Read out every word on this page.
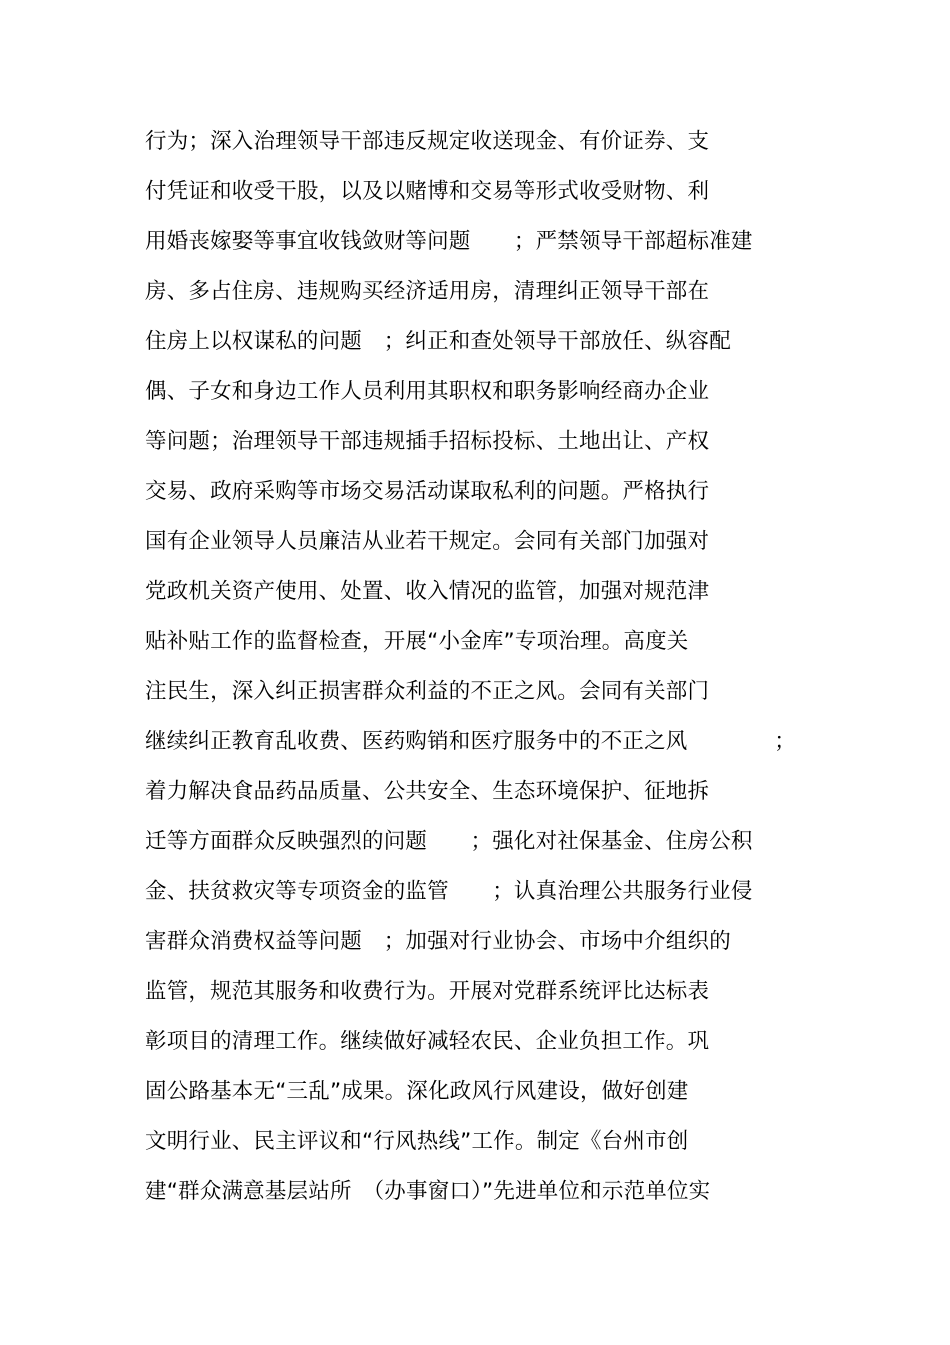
行为；深入治理领导干部违反规定收送现金、有价证券、支
付凭证和收受干股，以及以赌博和交易等形式收受财物、利
用婚丧嫁娶等事宜收钱敛财等问题　　；严禁领导干部超标准建
房、多占住房、违规购买经济适用房，清理纠正领导干部在
住房上以权谋私的问题　；纠正和查处领导干部放任、纵容配
偶、子女和身边工作人员利用其职权和职务影响经商办企业
等问题；治理领导干部违规插手招标投标、土地出让、产权
交易、政府采购等市场交易活动谋取私利的问题。严格执行
国有企业领导人员廉洁从业若干规定。会同有关部门加强对
党政机关资产使用、处置、收入情况的监管，加强对规范津
贴补贴工作的监督检查，开展“小金库”专项治理。高度关
注民生，深入纠正损害群众利益的不正之风。会同有关部门
继续纠正教育乱收费、医药购销和医疗服务中的不正之风　　　　；
着力解决食品药品质量、公共安全、生态环境保护、征地拆
迁等方面群众反映强烈的问题　　；强化对社保基金、住房公积
金、扶贫救灾等专项资金的监管　　；认真治理公共服务行业侵
害群众消费权益等问题　；加强对行业协会、市场中介组织的
监管，规范其服务和收费行为。开展对党群系统评比达标表
彰项目的清理工作。继续做好减轻农民、企业负担工作。巩
固公路基本无“三乱”成果。深化政风行风建设，做好创建
文明行业、民主评议和“行风热线”工作。制定《台州市创
建“群众满意基层站所　（办事窗口）”先进单位和示范单位实
